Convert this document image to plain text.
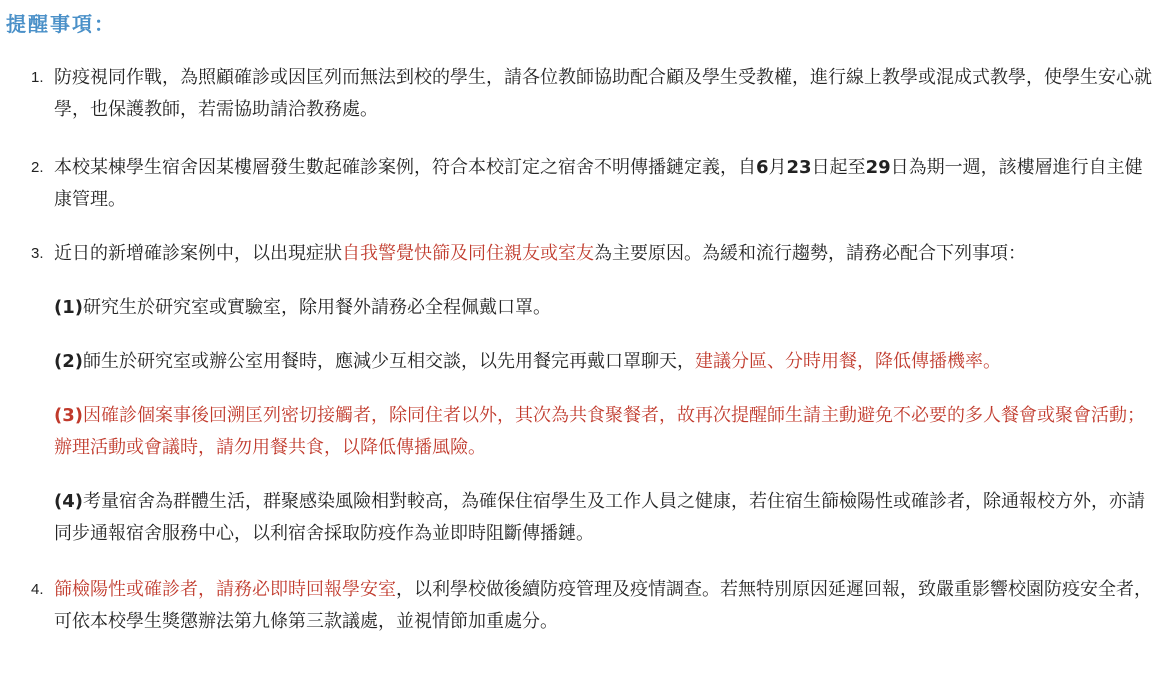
提醒事項：
1. 防疫視同作戰，為照顧確診或因匡列而無法到校的學生，請各位教師協助配合顧及學生受教權，進行線上教學或混成式教學，使學生安心就學，也保護教師，若需協助請洽教務處。
2. 本校某棟學生宿舍因某樓層發生數起確診案例，符合本校訂定之宿舍不明傳播鏈定義，自6月23日起至29日為期一週，該樓層進行自主健康管理。
3. 近日的新增確診案例中，以出現症狀自我警覺快篩及同住親友或室友為主要原因。為緩和流行趨勢，請務必配合下列事項：
(1)研究生於研究室或實驗室，除用餐外請務必全程佩戴口罩。
(2)師生於研究室或辦公室用餐時，應減少互相交談，以先用餐完再戴口罩聊天，建議分區、分時用餐，降低傳播機率。
(3)因確診個案事後回溯匡列密切接觸者，除同住者以外，其次為共食聚餐者，故再次提醒師生請主動避免不必要的多人餐會或聚會活動；辦理活動或會議時，請勿用餐共食，以降低傳播風險。
(4)考量宿舍為群體生活，群聚感染風險相對較高，為確保住宿學生及工作人員之健康，若住宿生篩檢陽性或確診者，除通報校方外，亦請同步通報宿舍服務中心，以利宿舍採取防疫作為並即時阻斷傳播鏈。
4. 篩檢陽性或確診者，請務必即時回報學安室，以利學校做後續防疫管理及疫情調查。若無特別原因延遲回報，致嚴重影響校園防疫安全者，可依本校學生獎懲辦法第九條第三款議處，並視情節加重處分。
